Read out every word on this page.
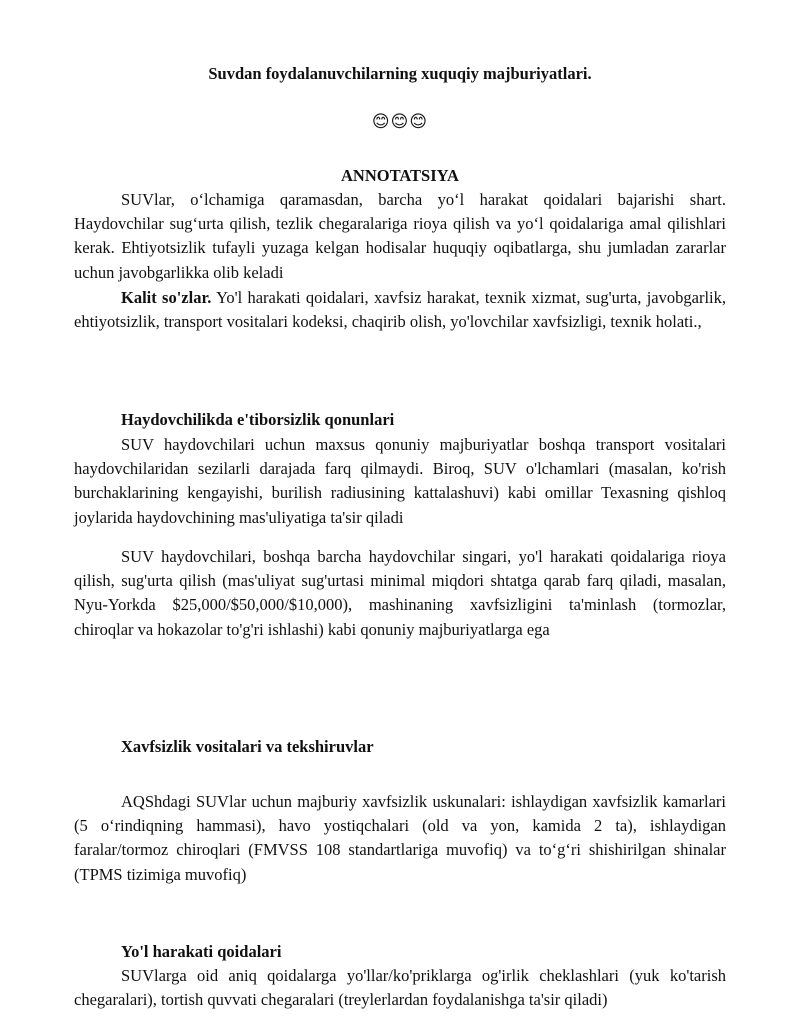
Suvdan foydalanuvchilarning xuquqiy majburiyatlari.
😊😊😊
ANNOTATSIYA

SUVlar, o‘lchamiga qaramasdan, barcha yo‘l harakat qoidalari bajarishi shart. Haydovchilar sug‘urta qilish, tezlik chegaralariga rioya qilish va yo‘l qoidalariga amal qilishlari kerak. Ehtiyotsizlik tufayli yuzaga kelgan hodisalar huquqiy oqibatlarga, shu jumladan zararlar uchun javobgarlikka olib keladi

Kalit so'zlar. Yo'l harakati qoidalari, xavfsiz harakat, texnik xizmat, sug'urta, javobgarlik, ehtiyotsizlik, transport vositalari kodeksi, chaqirib olish, yo'lovchilar xavfsizligi, texnik holati.,

Haydovchilikda e'tiborsizlik qonunlari

SUV haydovchilari uchun maxsus qonuniy majburiyatlar boshqa transport vositalari haydovchilaridan sezilarli darajada farq qilmaydi. Biroq, SUV o'lchamlari (masalan, ko'rish burchaklarining kengayishi, burilish radiusining kattalashuvi) kabi omillar Texasning qishloq joylarida haydovchining mas'uliyatiga ta'sir qiladi

SUV haydovchilari, boshqa barcha haydovchilar singari, yo'l harakati qoidalariga rioya qilish, sug'urta qilish (mas'uliyat sug'urtasi minimal miqdori shtatga qarab farq qiladi, masalan, Nyu-Yorkda $25,000/$50,000/$10,000), mashinaning xavfsizligini ta'minlash (tormozlar, chiroqlar va hokazolar to'g'ri ishlashi) kabi qonuniy majburiyatlarga ega

Xavfsizlik vositalari va tekshiruvlar

AQShdagi SUVlar uchun majburiy xavfsizlik uskunalari: ishlaydigan xavfsizlik kamarlari (5 o‘rindiqning hammasi), havo yostiqchalari (old va yon, kamida 2 ta), ishlaydigan faralar/tormoz chiroqlari (FMVSS 108 standartlariga muvofiq) va to‘g‘ri shishirilgan shinalar (TPMS tizimiga muvofiq)

Yo'l harakati qoidalari

SUVlarga oid aniq qoidalarga yo'llar/ko'priklarga og'irlik cheklashlari (yuk ko'tarish chegaralari), tortish quvvati chegaralari (treylerlardan foydalanishga ta'sir qiladi)
